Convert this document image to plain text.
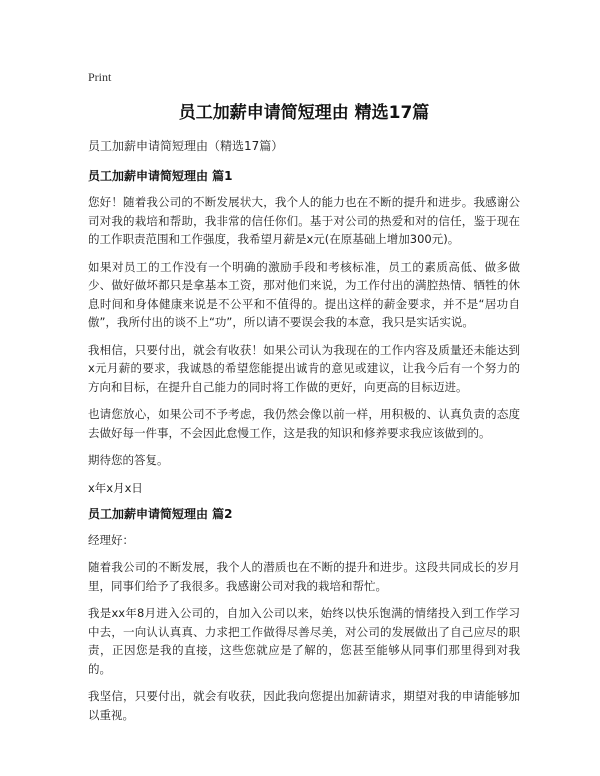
Print
员工加薪申请简短理由 精选17篇
员工加薪申请简短理由（精选17篇）
员工加薪申请简短理由 篇1

您好！随着我公司的不断发展状大，我个人的能力也在不断的提升和进步。我感谢公司对我的栽培和帮助，我非常的信任你们。基于对公司的热爱和对的信任，鉴于现在的工作职责范围和工作强度，我希望月薪是x元(在原基础上增加300元)。

如果对员工的工作没有一个明确的激励手段和考核标准，员工的素质高低、做多做少、做好做坏都只是拿基本工资，那对他们来说，为工作付出的满腔热情、牺牲的休息时间和身体健康来说是不公平和不值得的。提出这样的薪金要求，并不是“居功自傲”，我所付出的谈不上“功”，所以请不要误会我的本意，我只是实话实说。

我相信，只要付出，就会有收获！如果公司认为我现在的工作内容及质量还未能达到x元月薪的要求，我诚恳的希望您能提出诚肯的意见或建议，让我今后有一个努力的方向和目标，在提升自己能力的同时将工作做的更好，向更高的目标迈进。

也请您放心，如果公司不予考虑，我仍然会像以前一样，用积极的、认真负责的态度去做好每一件事，不会因此怠慢工作，这是我的知识和修养要求我应该做到的。

期待您的答复。

x年x月x日
员工加薪申请简短理由 篇2

经理好：

随着我公司的不断发展，我个人的潜质也在不断的提升和进步。这段共同成长的岁月里，同事们给予了我很多。我感谢公司对我的栽培和帮忙。

我是xx年8月进入公司的，自加入公司以来，始终以快乐饱满的情绪投入到工作学习中去，一向认认真真、力求把工作做得尽善尽美，对公司的发展做出了自己应尽的职责，正因您是我的直接，这些您就应是了解的，您甚至能够从同事们那里得到对我的。

我坚信，只要付出，就会有收获，因此我向您提出加薪请求，期望对我的申请能够加以重视。
